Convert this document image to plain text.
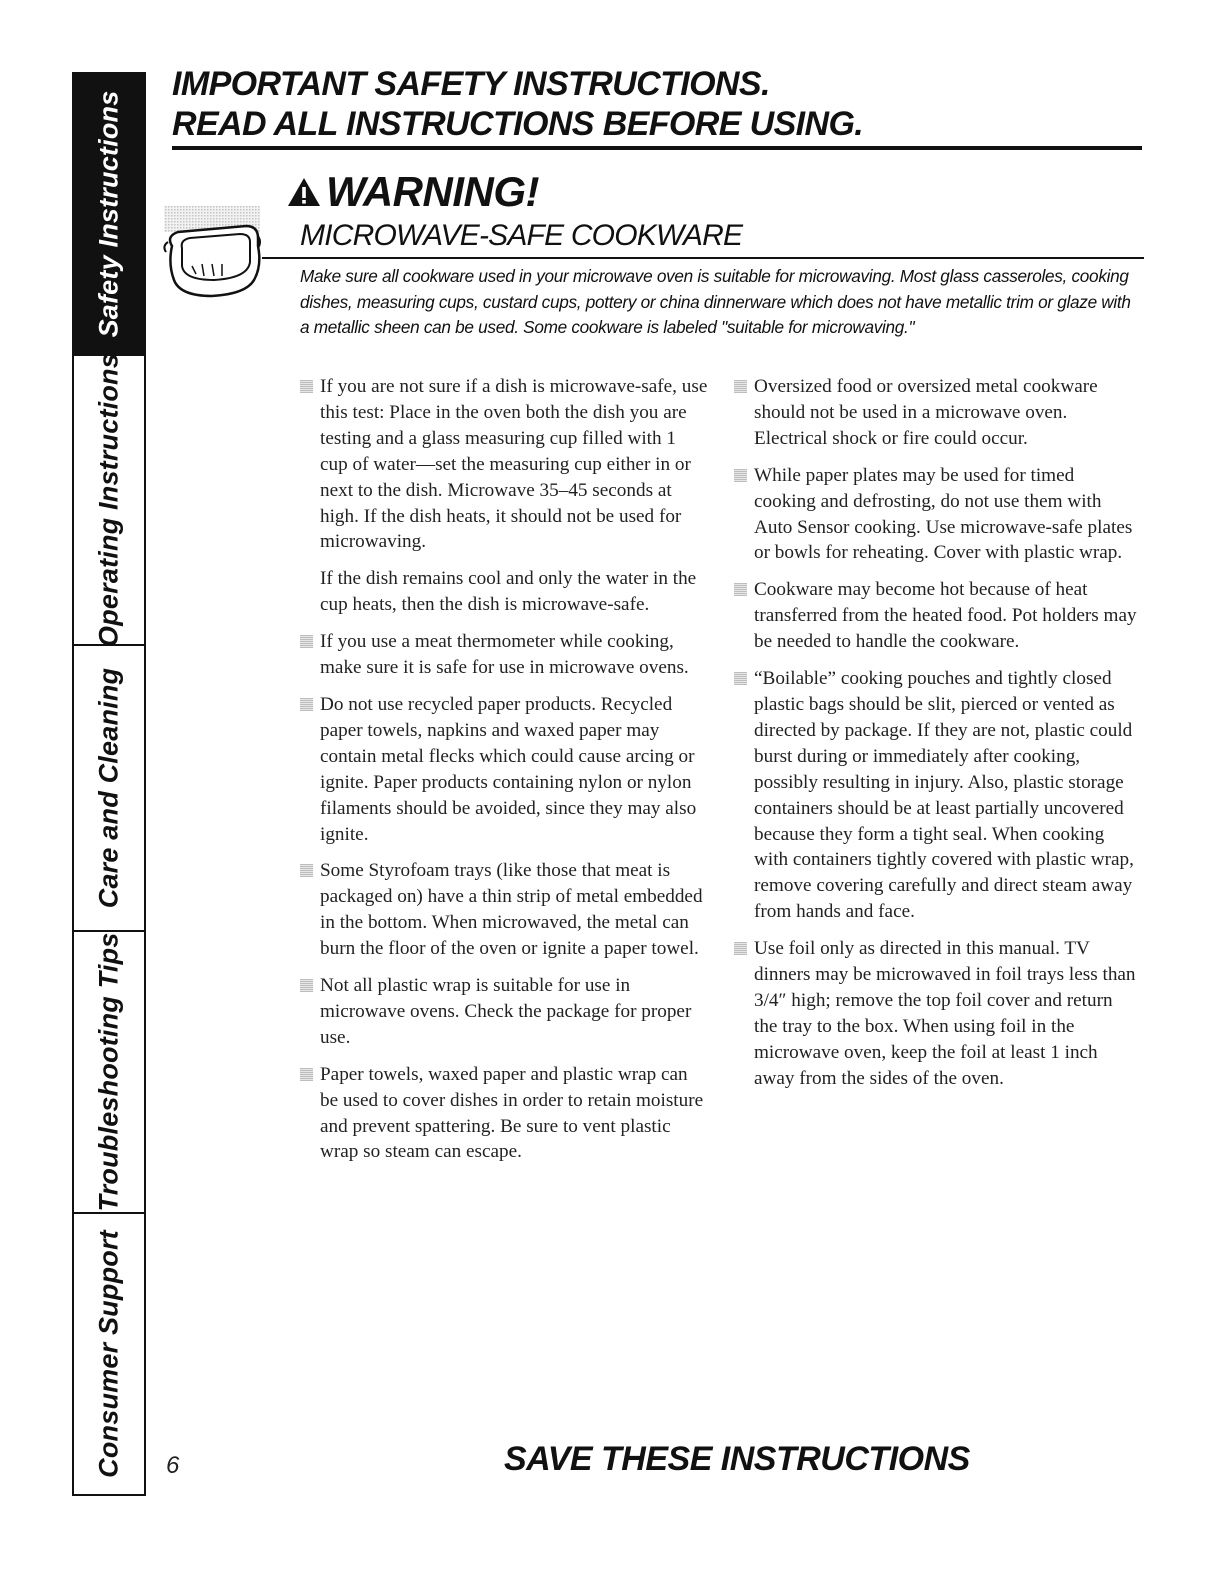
Safety Instructions
Operating Instructions
Care and Cleaning
Troubleshooting Tips
Consumer Support
IMPORTANT SAFETY INSTRUCTIONS.
READ ALL INSTRUCTIONS BEFORE USING.
WARNING!
MICROWAVE-SAFE COOKWARE
Make sure all cookware used in your microwave oven is suitable for microwaving. Most glass casseroles, cooking dishes, measuring cups, custard cups, pottery or china dinnerware which does not have metallic trim or glaze with a metallic sheen can be used. Some cookware is labeled "suitable for microwaving."

If you are not sure if a dish is microwave-safe, use this test: Place in the oven both the dish you are testing and a glass measuring cup filled with 1 cup of water—set the measuring cup either in or next to the dish. Microwave 35–45 seconds at high. If the dish heats, it should not be used for microwaving.

If the dish remains cool and only the water in the cup heats, then the dish is microwave-safe.

If you use a meat thermometer while cooking, make sure it is safe for use in microwave ovens.

Do not use recycled paper products. Recycled paper towels, napkins and waxed paper may contain metal flecks which could cause arcing or ignite. Paper products containing nylon or nylon filaments should be avoided, since they may also ignite.

Some Styrofoam trays (like those that meat is packaged on) have a thin strip of metal embedded in the bottom. When microwaved, the metal can burn the floor of the oven or ignite a paper towel.

Not all plastic wrap is suitable for use in microwave ovens. Check the package for proper use.

Paper towels, waxed paper and plastic wrap can be used to cover dishes in order to retain moisture and prevent spattering. Be sure to vent plastic wrap so steam can escape.

Oversized food or oversized metal cookware should not be used in a microwave oven. Electrical shock or fire could occur.

While paper plates may be used for timed cooking and defrosting, do not use them with Auto Sensor cooking. Use microwave-safe plates or bowls for reheating. Cover with plastic wrap.

Cookware may become hot because of heat transferred from the heated food. Pot holders may be needed to handle the cookware.

“Boilable” cooking pouches and tightly closed plastic bags should be slit, pierced or vented as directed by package. If they are not, plastic could burst during or immediately after cooking, possibly resulting in injury. Also, plastic storage containers should be at least partially uncovered because they form a tight seal. When cooking with containers tightly covered with plastic wrap, remove covering carefully and direct steam away from hands and face.

Use foil only as directed in this manual. TV dinners may be microwaved in foil trays less than 3/4″ high; remove the top foil cover and return the tray to the box. When using foil in the microwave oven, keep the foil at least 1 inch away from the sides of the oven.

6	SAVE THESE INSTRUCTIONS
